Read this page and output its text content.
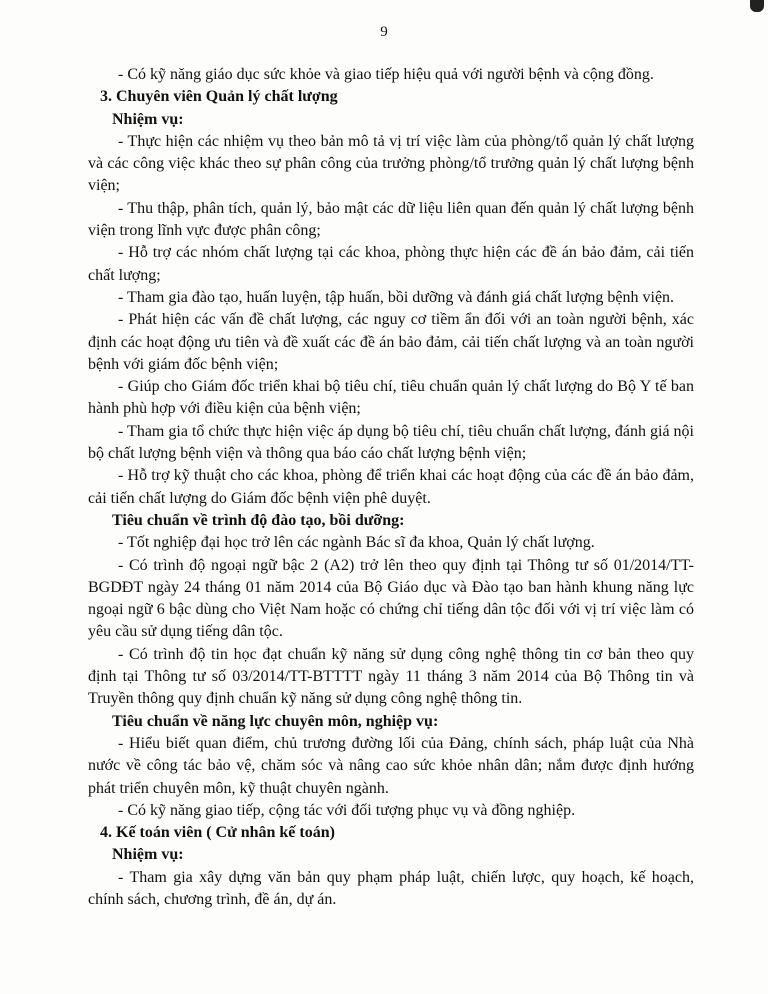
9

- Có kỹ năng giáo dục sức khỏe và giao tiếp hiệu quả với người bệnh và cộng đồng.

3. Chuyên viên Quản lý chất lượng

Nhiệm vụ:

- Thực hiện các nhiệm vụ theo bản mô tả vị trí việc làm của phòng/tổ quản lý chất lượng và các công việc khác theo sự phân công của trưởng phòng/tổ trưởng quản lý chất lượng bệnh viện;

- Thu thập, phân tích, quản lý, bảo mật các dữ liệu liên quan đến quản lý chất lượng bệnh viện trong lĩnh vực được phân công;

- Hỗ trợ các nhóm chất lượng tại các khoa, phòng thực hiện các đề án bảo đảm, cải tiến chất lượng;

- Tham gia đào tạo, huấn luyện, tập huấn, bồi dưỡng và đánh giá chất lượng bệnh viện.

- Phát hiện các vấn đề chất lượng, các nguy cơ tiềm ẩn đối với an toàn người bệnh, xác định các hoạt động ưu tiên và đề xuất các đề án bảo đảm, cải tiến chất lượng và an toàn người bệnh với giám đốc bệnh viện;

- Giúp cho Giám đốc triển khai bộ tiêu chí, tiêu chuẩn quản lý chất lượng do Bộ Y tế ban hành phù hợp với điều kiện của bệnh viện;

- Tham gia tổ chức thực hiện việc áp dụng bộ tiêu chí, tiêu chuẩn chất lượng, đánh giá nội bộ chất lượng bệnh viện và thông qua báo cáo chất lượng bệnh viện;

- Hỗ trợ kỹ thuật cho các khoa, phòng để triển khai các hoạt động của các đề án bảo đảm, cải tiến chất lượng do Giám đốc bệnh viện phê duyệt.

Tiêu chuẩn về trình độ đào tạo, bồi dưỡng:

- Tốt nghiệp đại học trở lên các ngành Bác sĩ đa khoa, Quản lý chất lượng.

- Có trình độ ngoại ngữ bậc 2 (A2) trở lên theo quy định tại Thông tư số 01/2014/TT-BGDĐT ngày 24 tháng 01 năm 2014 của Bộ Giáo dục và Đào tạo ban hành khung năng lực ngoại ngữ 6 bậc dùng cho Việt Nam hoặc có chứng chỉ tiếng dân tộc đối với vị trí việc làm có yêu cầu sử dụng tiếng dân tộc.

- Có trình độ tin học đạt chuẩn kỹ năng sử dụng công nghệ thông tin cơ bản theo quy định tại Thông tư số 03/2014/TT-BTTTT ngày 11 tháng 3 năm 2014 của Bộ Thông tin và Truyền thông quy định chuẩn kỹ năng sử dụng công nghệ thông tin.

Tiêu chuẩn về năng lực chuyên môn, nghiệp vụ:

- Hiểu biết quan điểm, chủ trương đường lối của Đảng, chính sách, pháp luật của Nhà nước về công tác bảo vệ, chăm sóc và nâng cao sức khỏe nhân dân; nắm được định hướng phát triển chuyên môn, kỹ thuật chuyên ngành.

- Có kỹ năng giao tiếp, cộng tác với đối tượng phục vụ và đồng nghiệp.

4. Kế toán viên ( Cử nhân kế toán)

Nhiệm vụ:

- Tham gia xây dựng văn bản quy phạm pháp luật, chiến lược, quy hoạch, kế hoạch, chính sách, chương trình, đề án, dự án.
